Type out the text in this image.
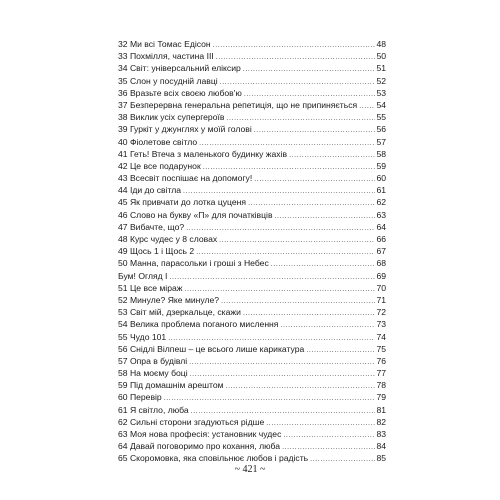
32 Ми всі Томас Едісон .....	48
33 Похмілля, частина III .....	50
34 Світ: універсальний еліксир .....	51
35 Слон у посудній лавці .....	52
36 Вразьте всіх своєю любов'ю .....	53
37 Безперервна генеральна репетиція, що не припиняється ..... 54
38 Виклик усіх супергероїв .....	55
39 Гуркіт у джунглях у моїй голові .....	56
40 Фіолетове світло .....	57
41 Геть! Втеча з маленького будинку жахів .....	58
42 Це все подарунок .....	59
43 Всесвіт поспішає на допомогу! .....	60
44 Іди до світла .....	61
45 Як привчати до лотка цуценя .....	62
46 Слово на букву «П» для початківців .....	63
47 Вибачте, що? .....	64
48 Курс чудес у 8 словах .....	66
49 Щось 1 і Щось 2 .....	67
50 Манна, парасольки і гроші з Небес .....	68
Бум! Огляд І .....	69
51 Це все міраж .....	70
52 Минуле? Яке минуле? .....	71
53 Світ мій, дзеркальце, скажи .....	72
54 Велика проблема поганого мислення .....	73
55 Чудо 101 .....	74
56 Снідлі Вілпеш – це всього лише карикатура .....	75
57 Опра в будівлі .....	76
58 На моєму боці .....	77
59 Під домашнім арештом .....	78
60 Перевір .....	79
61 Я світло, люба .....	81
62 Сильні сторони згадуються рідше .....	82
63 Моя нова професія: установник чудес .....	83
64 Давай поговоримо про кохання, люба .....	84
65 Скоромовка, яка сповільнює любов і радість .....	85
~ 421 ~
